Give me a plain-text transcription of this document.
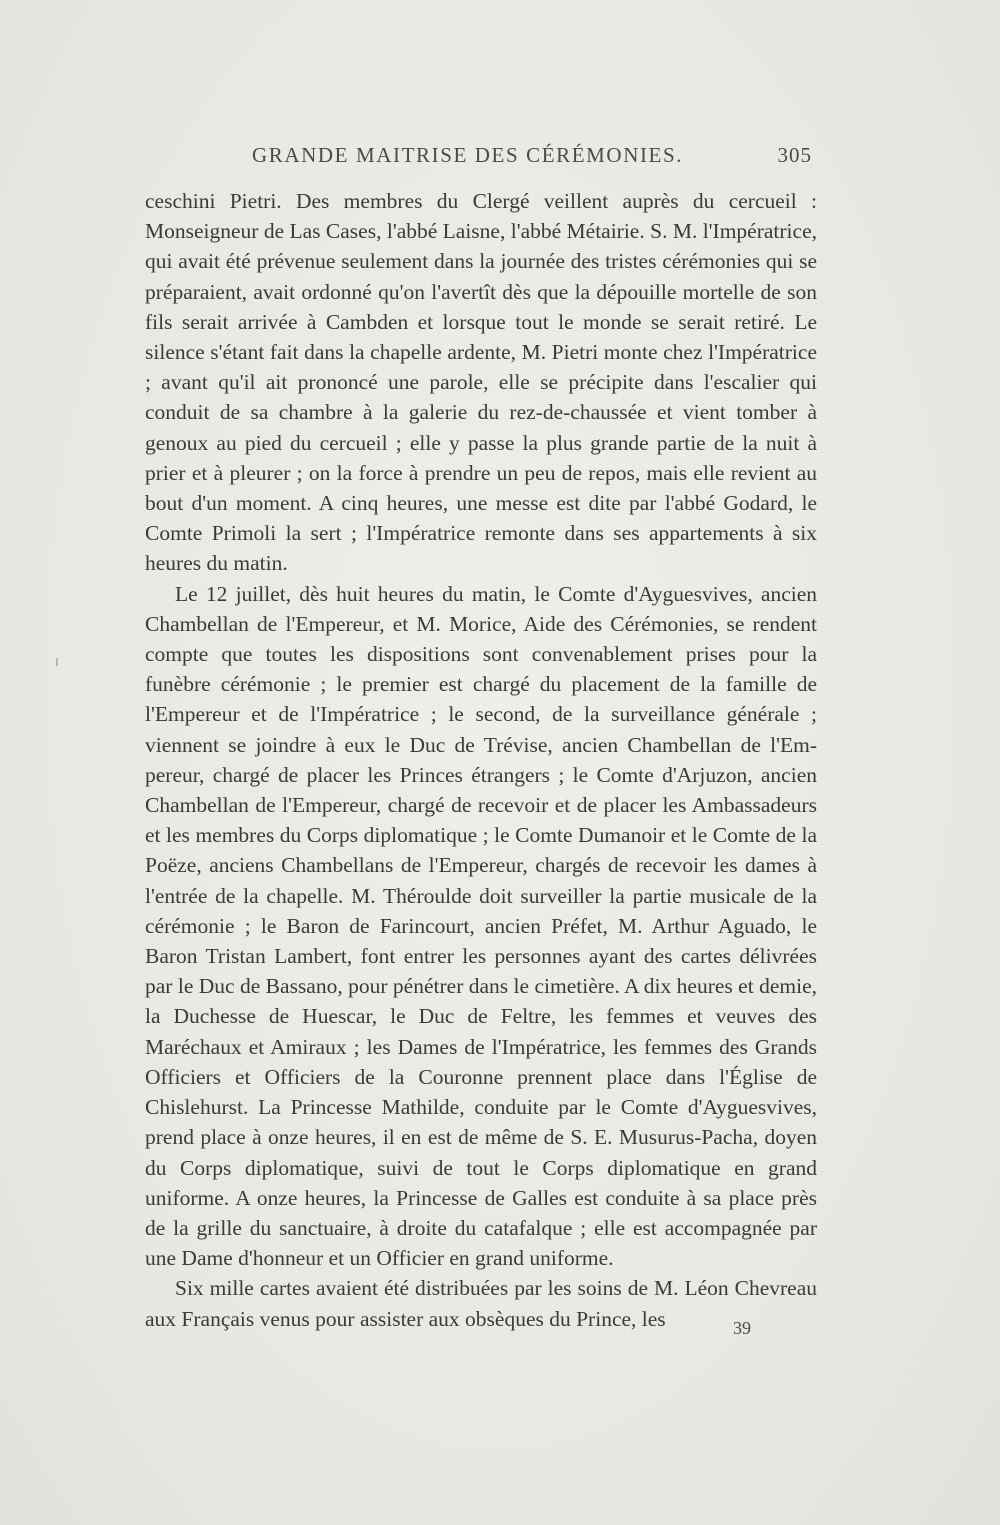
GRANDE MAITRISE DES CÉRÉMONIES.	305

ceschini Pietri. Des membres du Clergé veillent auprès du cercueil : Monseigneur de Las Cases, l'abbé Laisne, l'abbé Métairie. S. M. l'Impératrice, qui avait été prévenue seulement dans la journée des tristes cérémonies qui se préparaient, avait ordonné qu'on l'avertît dès que la dépouille mortelle de son fils serait arrivée à Cambden et lorsque tout le monde se serait retiré. Le silence s'étant fait dans la chapelle ardente, M. Pietri monte chez l'Impératrice ; avant qu'il ait prononcé une parole, elle se précipite dans l'escalier qui conduit de sa chambre à la galerie du rez-de-chaussée et vient tomber à genoux au pied du cercueil ; elle y passe la plus grande partie de la nuit à prier et à pleurer ; on la force à prendre un peu de repos, mais elle revient au bout d'un moment. A cinq heures, une messe est dite par l'abbé Godard, le Comte Primoli la sert ; l'Impératrice remonte dans ses appartements à six heures du matin.

Le 12 juillet, dès huit heures du matin, le Comte d'Ayguesvives, ancien Chambellan de l'Empereur, et M. Morice, Aide des Cérémonies, se rendent compte que toutes les dispositions sont convenablement prises pour la funèbre cérémonie ; le premier est chargé du placement de la famille de l'Empereur et de l'Impératrice ; le second, de la surveillance générale ; viennent se joindre à eux le Duc de Trévise, ancien Chambellan de l'Empereur, chargé de placer les Princes étrangers ; le Comte d'Arjuzon, ancien Chambellan de l'Empereur, chargé de recevoir et de placer les Ambassadeurs et les membres du Corps diplomatique ; le Comte Dumanoir et le Comte de la Poëze, anciens Chambellans de l'Empereur, chargés de recevoir les dames à l'entrée de la chapelle. M. Théroulde doit surveiller la partie musicale de la cérémonie ; le Baron de Farincourt, ancien Préfet, M. Arthur Aguado, le Baron Tristan Lambert, font entrer les personnes ayant des cartes délivrées par le Duc de Bassano, pour pénétrer dans le cimetière. A dix heures et demie, la Duchesse de Huescar, le Duc de Feltre, les femmes et veuves des Maréchaux et Amiraux ; les Dames de l'Impératrice, les femmes des Grands Officiers et Officiers de la Couronne prennent place dans l'Église de Chislehurst. La Princesse Mathilde, conduite par le Comte d'Ayguesvives, prend place à onze heures, il en est de même de S. E. Musurus-Pacha, doyen du Corps diplomatique, suivi de tout le Corps diplomatique en grand uniforme. A onze heures, la Princesse de Galles est conduite à sa place près de la grille du sanctuaire, à droite du catafalque ; elle est accompagnée par une Dame d'honneur et un Officier en grand uniforme.

Six mille cartes avaient été distribuées par les soins de M. Léon Chevreau aux Français venus pour assister aux obsèques du Prince, les	39
